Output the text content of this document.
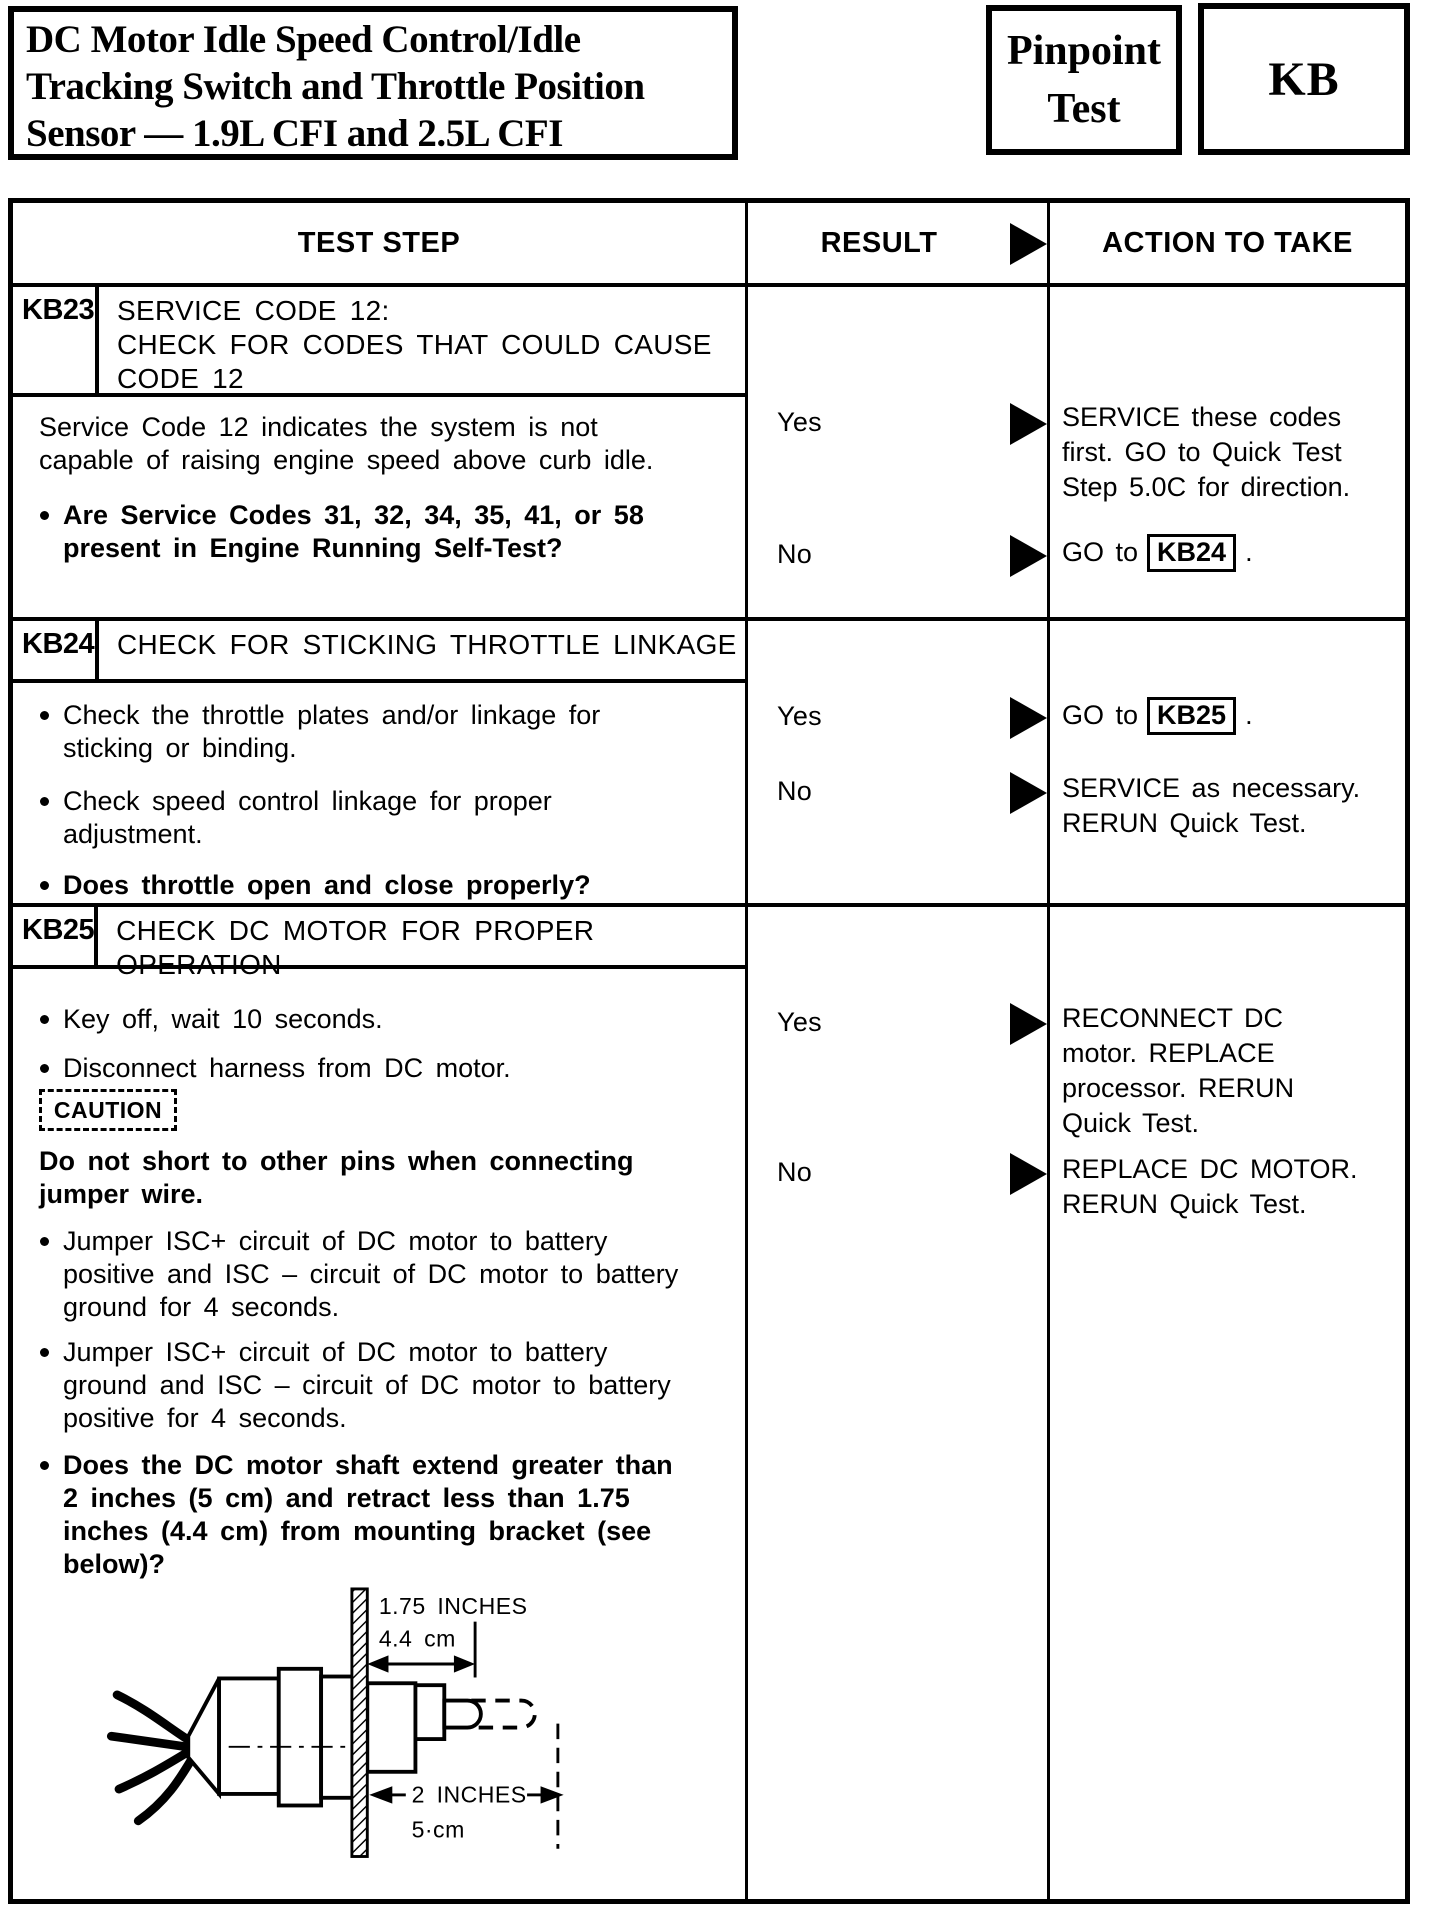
DC Motor Idle Speed Control/Idle
Tracking Switch and Throttle Position
Sensor — 1.9L CFI and 2.5L CFI
Pinpoint
Test
KB
TEST STEP	RESULT	ACTION TO TAKE
KB23 SERVICE CODE 12:
CHECK FOR CODES THAT COULD CAUSE
CODE 12
Service Code 12 indicates the system is not
capable of raising engine speed above curb idle.
Are Service Codes 31, 32, 34, 35, 41, or 58
present in Engine Running Self-Test?
Yes	SERVICE these codes
first. GO to Quick Test
Step 5.0C for direction.
No	GO to KB24 .
KB24 CHECK FOR STICKING THROTTLE LINKAGE
Check the throttle plates and/or linkage for
sticking or binding.
Check speed control linkage for proper
adjustment.
Does throttle open and close properly?
Yes	GO to KB25 .
No	SERVICE as necessary.
RERUN Quick Test.
KB25 CHECK DC MOTOR FOR PROPER OPERATION
Key off, wait 10 seconds.
Disconnect harness from DC motor.
CAUTION
Do not short to other pins when connecting
jumper wire.
Jumper ISC+ circuit of DC motor to battery
positive and ISC – circuit of DC motor to battery
ground for 4 seconds.
Jumper ISC+ circuit of DC motor to battery
ground and ISC – circuit of DC motor to battery
positive for 4 seconds.
Does the DC motor shaft extend greater than
2 inches (5 cm) and retract less than 1.75
inches (4.4 cm) from mounting bracket (see
below)?
1.75 INCHES
4.4 cm
2 INCHES
5·cm
Yes	RECONNECT DC
motor. REPLACE
processor. RERUN
Quick Test.
No	REPLACE DC MOTOR.
RERUN Quick Test.
